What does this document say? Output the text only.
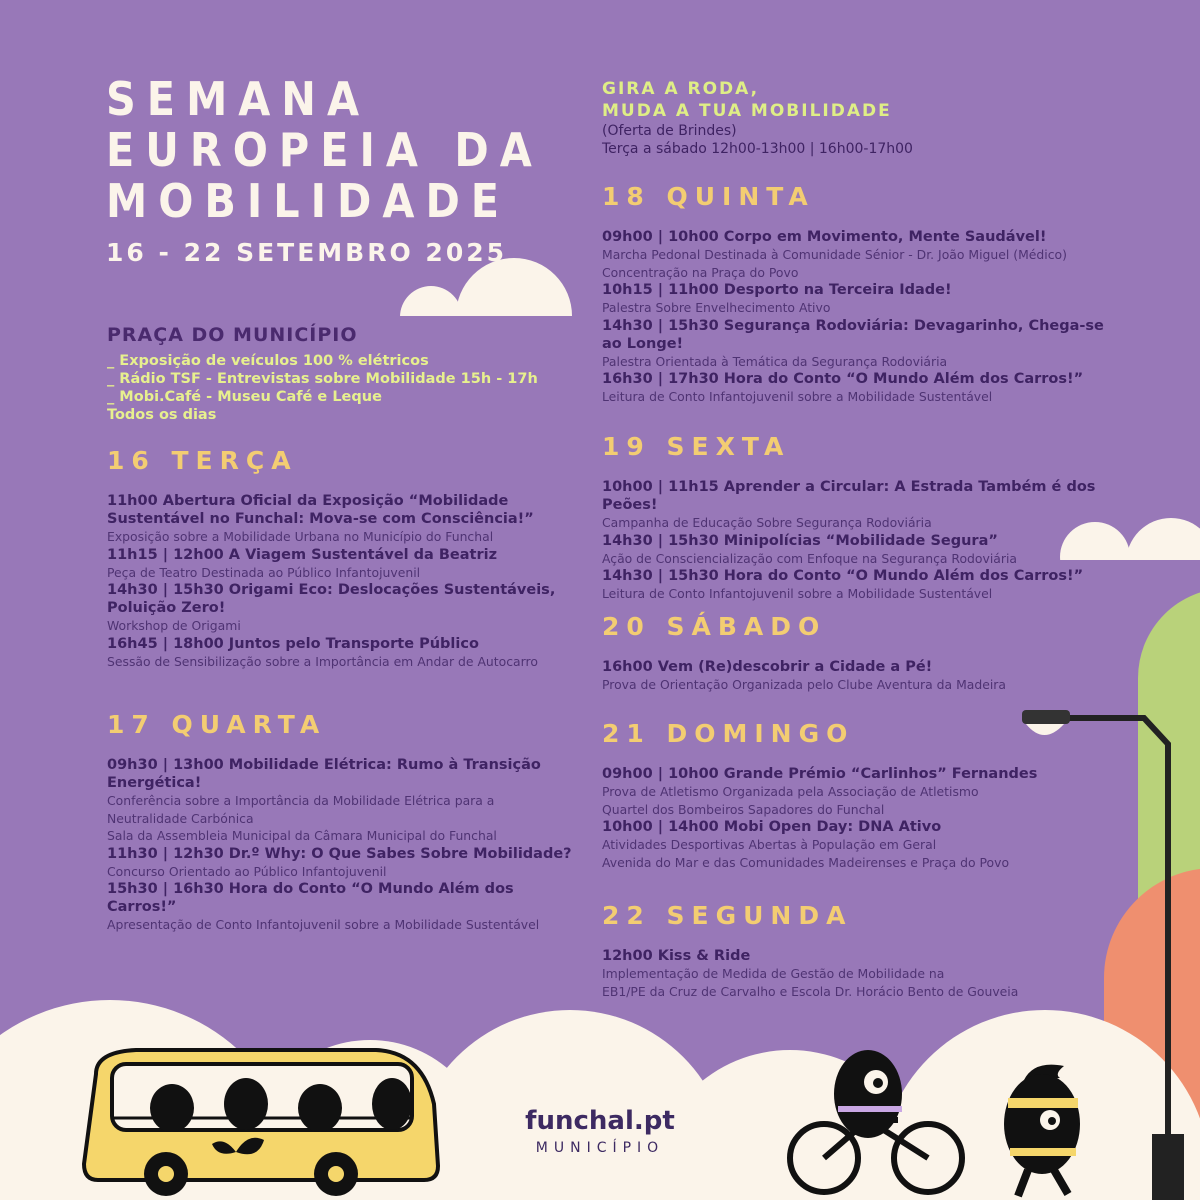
SEMANA
EUROPEIA DA
MOBILIDADE
16 - 22 SETEMBRO 2025
PRAÇA DO MUNICÍPIO
_ Exposição de veículos 100 % elétricos
_ Rádio TSF - Entrevistas sobre Mobilidade 15h - 17h
_ Mobi.Café - Museu Café e Leque
Todos os dias
16 TERÇA
11h00 Abertura Oficial da Exposição “Mobilidade Sustentável no Funchal: Mova-se com Consciência!”
Exposição sobre a Mobilidade Urbana no Município do Funchal
11h15 | 12h00 A Viagem Sustentável da Beatriz
Peça de Teatro Destinada ao Público Infantojuvenil
14h30 | 15h30 Origami Eco: Deslocações Sustentáveis, Poluição Zero!
Workshop de Origami
16h45 | 18h00 Juntos pelo Transporte Público
Sessão de Sensibilização sobre a Importância em Andar de Autocarro
17 QUARTA
09h30 | 13h00 Mobilidade Elétrica: Rumo à Transição Energética!
Conferência sobre a Importância da Mobilidade Elétrica para a Neutralidade Carbónica
Sala da Assembleia Municipal da Câmara Municipal do Funchal
11h30 | 12h30 Dr.º Why: O Que Sabes Sobre Mobilidade?
Concurso Orientado ao Público Infantojuvenil
15h30 | 16h30 Hora do Conto “O Mundo Além dos Carros!”
Apresentação de Conto Infantojuvenil sobre a Mobilidade Sustentável
GIRA A RODA,
MUDA A TUA MOBILIDADE
(Oferta de Brindes)
Terça a sábado 12h00-13h00 | 16h00-17h00
18 QUINTA
09h00 | 10h00 Corpo em Movimento, Mente Saudável!
Marcha Pedonal Destinada à Comunidade Sénior - Dr. João Miguel (Médico)
Concentração na Praça do Povo
10h15 | 11h00 Desporto na Terceira Idade!
Palestra Sobre Envelhecimento Ativo
14h30 | 15h30 Segurança Rodoviária: Devagarinho, Chega-se ao Longe!
Palestra Orientada à Temática da Segurança Rodoviária
16h30 | 17h30 Hora do Conto “O Mundo Além dos Carros!”
Leitura de Conto Infantojuvenil sobre a Mobilidade Sustentável
19 SEXTA
10h00 | 11h15 Aprender a Circular: A Estrada Também é dos Peões!
Campanha de Educação Sobre Segurança Rodoviária
14h30 | 15h30 Minipolícias “Mobilidade Segura”
Ação de Consciencialização com Enfoque na Segurança Rodoviária
14h30 | 15h30 Hora do Conto “O Mundo Além dos Carros!”
Leitura de Conto Infantojuvenil sobre a Mobilidade Sustentável
20 SÁBADO
16h00 Vem (Re)descobrir a Cidade a Pé!
Prova de Orientação Organizada pelo Clube Aventura da Madeira
21 DOMINGO
09h00 | 10h00 Grande Prémio “Carlinhos” Fernandes
Prova de Atletismo Organizada pela Associação de Atletismo
Quartel dos Bombeiros Sapadores do Funchal
10h00 | 14h00 Mobi Open Day: DNA Ativo
Atividades Desportivas Abertas à População em Geral
Avenida do Mar e das Comunidades Madeirenses e Praça do Povo
22 SEGUNDA
12h00 Kiss & Ride
Implementação de Medida de Gestão de Mobilidade na
EB1/PE da Cruz de Carvalho e Escola Dr. Horácio Bento de Gouveia
funchal.pt
MUNICÍPIO
